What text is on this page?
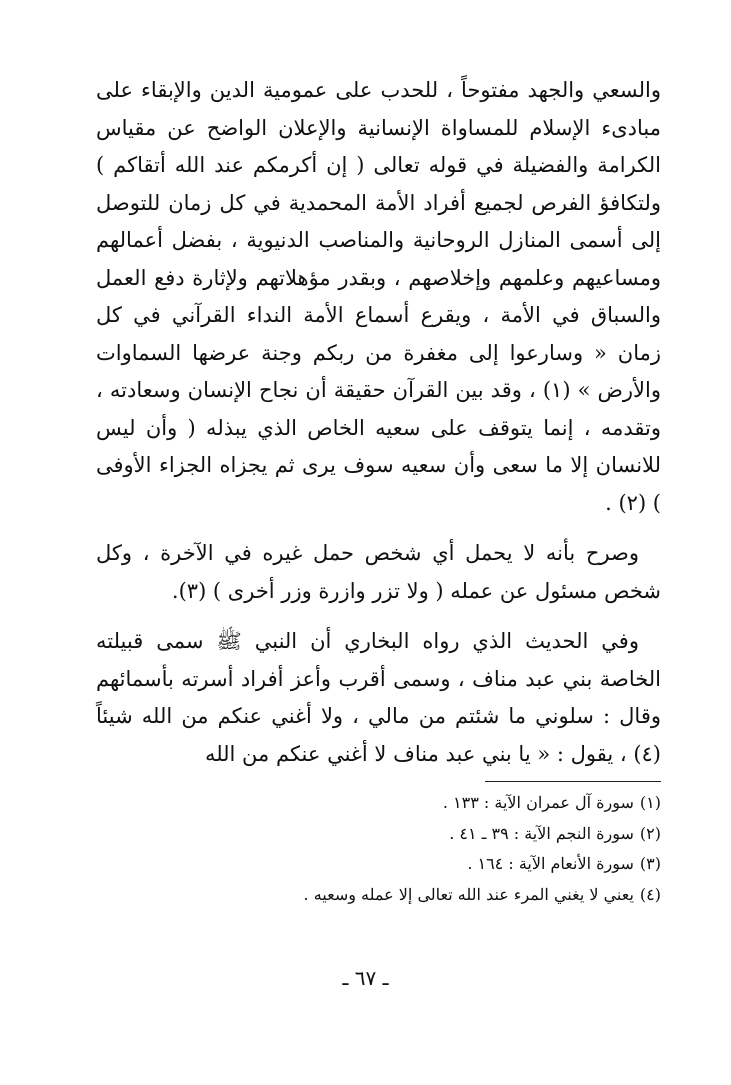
والسعي والجهد مفتوحاً ، للحدب على عمومية الدين والإبقاء على مبادىء الإسلام للمساواة الإنسانية والإعلان الواضح عن مقياس الكرامة والفضيلة في قوله تعالى ( إن أكرمكم عند الله أتقاكم ) ولتكافؤ الفرص لجميع أفراد الأمة المحمدية في كل زمان للتوصل إلى أسمى المنازل الروحانية والمناصب الدنيوية ، بفضل أعمالهم ومساعيهم وعلمهم وإخلاصهم ، وبقدر مؤهلاتهم ولإثارة دفع العمل والسباق في الأمة ، ويقرع أسماع الأمة النداء القرآني في كل زمان « وسارعوا إلى مغفرة من ربكم وجنة عرضها السماوات والأرض » (١) ، وقد بين القرآن حقيقة أن نجاح الإنسان وسعادته ، وتقدمه ، إنما يتوقف على سعيه الخاص الذي يبذله ( وأن ليس للانسان إلا ما سعى وأن سعيه سوف يرى ثم يجزاه الجزاء الأوفى ) (٢) .

وصرح بأنه لا يحمل أي شخص حمل غيره في الآخرة ، وكل شخص مسئول عن عمله ( ولا تزر وازرة وزر أخرى ) (٣).

وفي الحديث الذي رواه البخاري أن النبي ﷺ سمى قبيلته الخاصة بني عبد مناف ، وسمى أقرب وأعز أفراد أسرته بأسمائهم وقال : سلوني ما شئتم من مالي ، ولا أغني عنكم من الله شيئاً (٤) ، يقول : « يا بني عبد مناف لا أغني عنكم من الله

(١)سورة آل عمران الآية : ١٣٣ .
(٢)سورة النجم الآية : ٣٩ ـ ٤١ .
(٣)سورة الأنعام الآية : ١٦٤ .
(٤)يعني لا يغني المرء عند الله تعالى إلا عمله وسعيه .
ـ ٦٧ ـ
